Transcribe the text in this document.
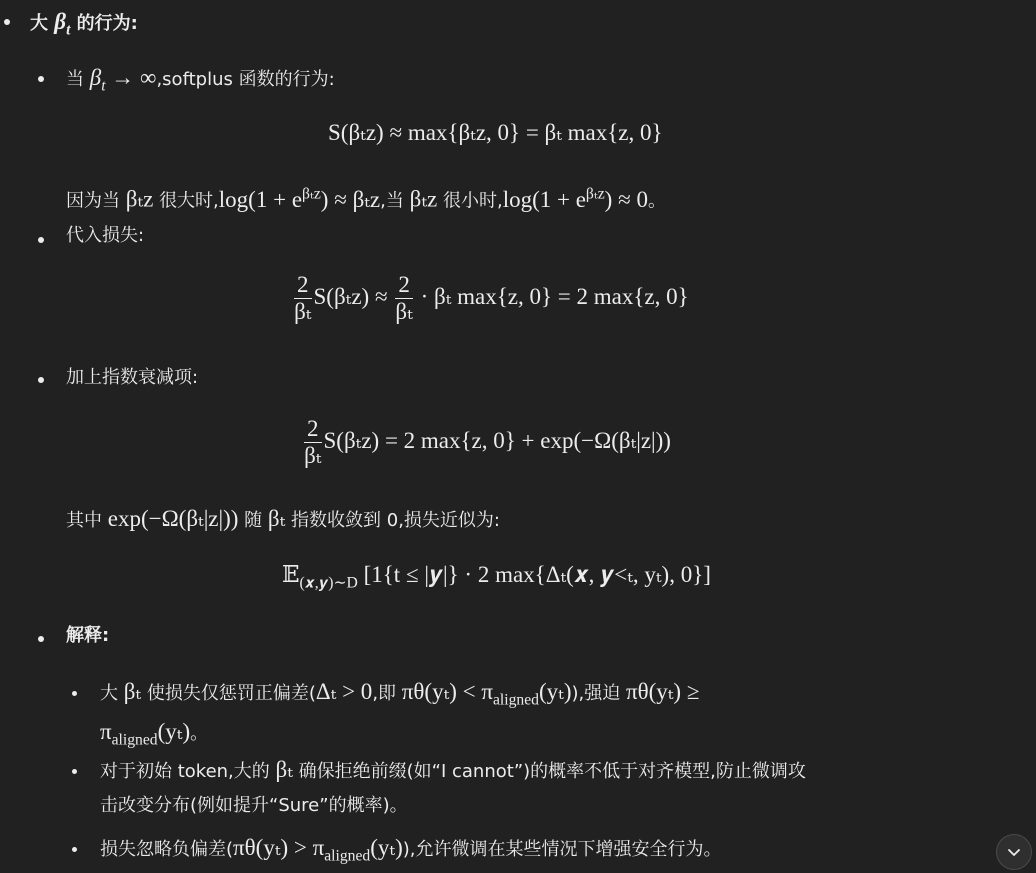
大 $\beta_t$ 的行为:
当 $\beta_t$ → ∞,softplus 函数的行为:
S(βₜz) ≈ max{βₜz, 0} = βₜ max{z, 0}
因为当 βₜz 很大时$,\log(1 + e^{\beta_tz}) \approx \beta_tz$,当 βₜz 很小时$,\log(1 + e^{\beta_tz}) \approx 0$。
代入损失:
$\frac{2}{\text{βₜ}} S(\beta_tz) \approx \frac{2}{\text{βₜ}} \cdot \beta_t$ max{z, 0} = 2 max{z, 0}
加上指数衰减项:
$\frac{2}{\text{βₜ}} S(\beta_tz) = 2$ max{z, 0} + exp(−Ω(βₜ|z|))
其中 exp(−Ω(βₜ|z|)) 随 βₜ 指数收敛到 0,损失近似为:
𝔼$_{(𝒙,𝒚)\sim D}$ [1{t ≤ |𝒚|} · 2 max{Δₜ(𝒙, 𝒚<ₜ, yₜ), 0}]
解释:
大 βₜ 使损失仅惩罚正偏差(Δₜ > 0,即 $\pi\theta(y_t) < \pi_{aligned}(y_t)$),强迫 πθ(yₜ) ≥
$\pi_{aligned}(y_t)$。
对于初始 token,大的 βₜ 确保拒绝前缀(如“I cannot”)的概率不低于对齐模型,防止微调攻
击改变分布(例如提升“Sure”的概率)。
损失忽略负偏差$(\pi\theta(y_t) > \pi_{aligned}(y_t))$,允许微调在某些情况下增强安全行为。
